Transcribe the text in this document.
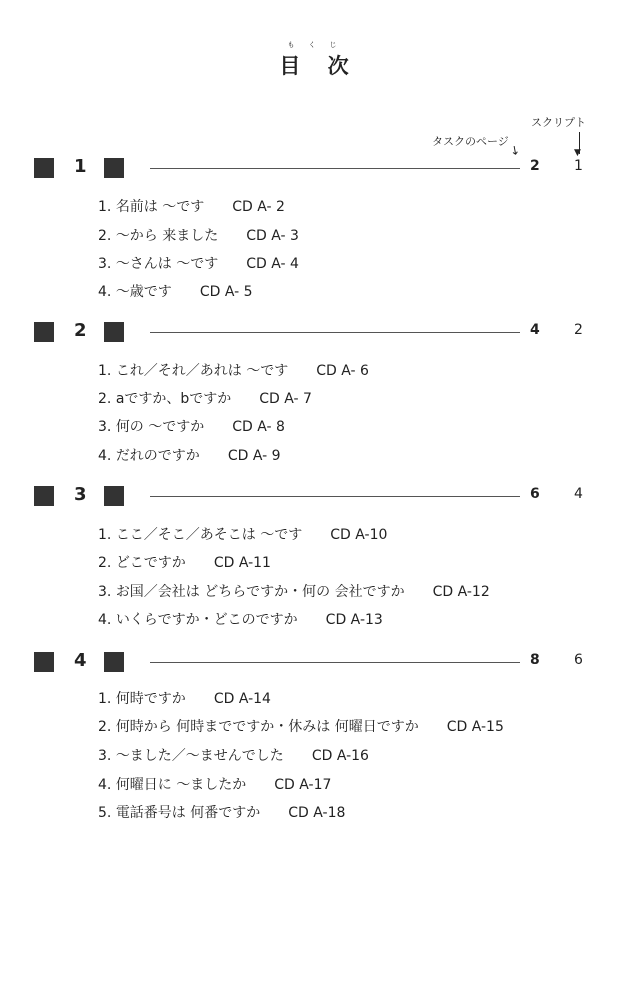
もくじ
目 次
スクリプト
タスクのページ
▼
↘
1	2 1
1. 名前は ～です CD A- 2
2. ～から 来ました CD A- 3
3. ～さんは ～です CD A- 4
4. ～歳です CD A- 5
2	4 2
1. これ／それ／あれは ～です CD A- 6
2. aですか、bですか CD A- 7
3. 何の ～ですか CD A- 8
4. だれのですか CD A- 9
3	6 4
1. ここ／そこ／あそこは ～です CD A-10
2. どこですか CD A-11
3. お国／会社は どちらですか・何の 会社ですか CD A-12
4. いくらですか・どこのですか CD A-13
4	8 6
1. 何時ですか CD A-14
2. 何時から 何時までですか・休みは 何曜日ですか CD A-15
3. ～ました／～ませんでした CD A-16
4. 何曜日に ～ましたか CD A-17
5. 電話番号は 何番ですか CD A-18
